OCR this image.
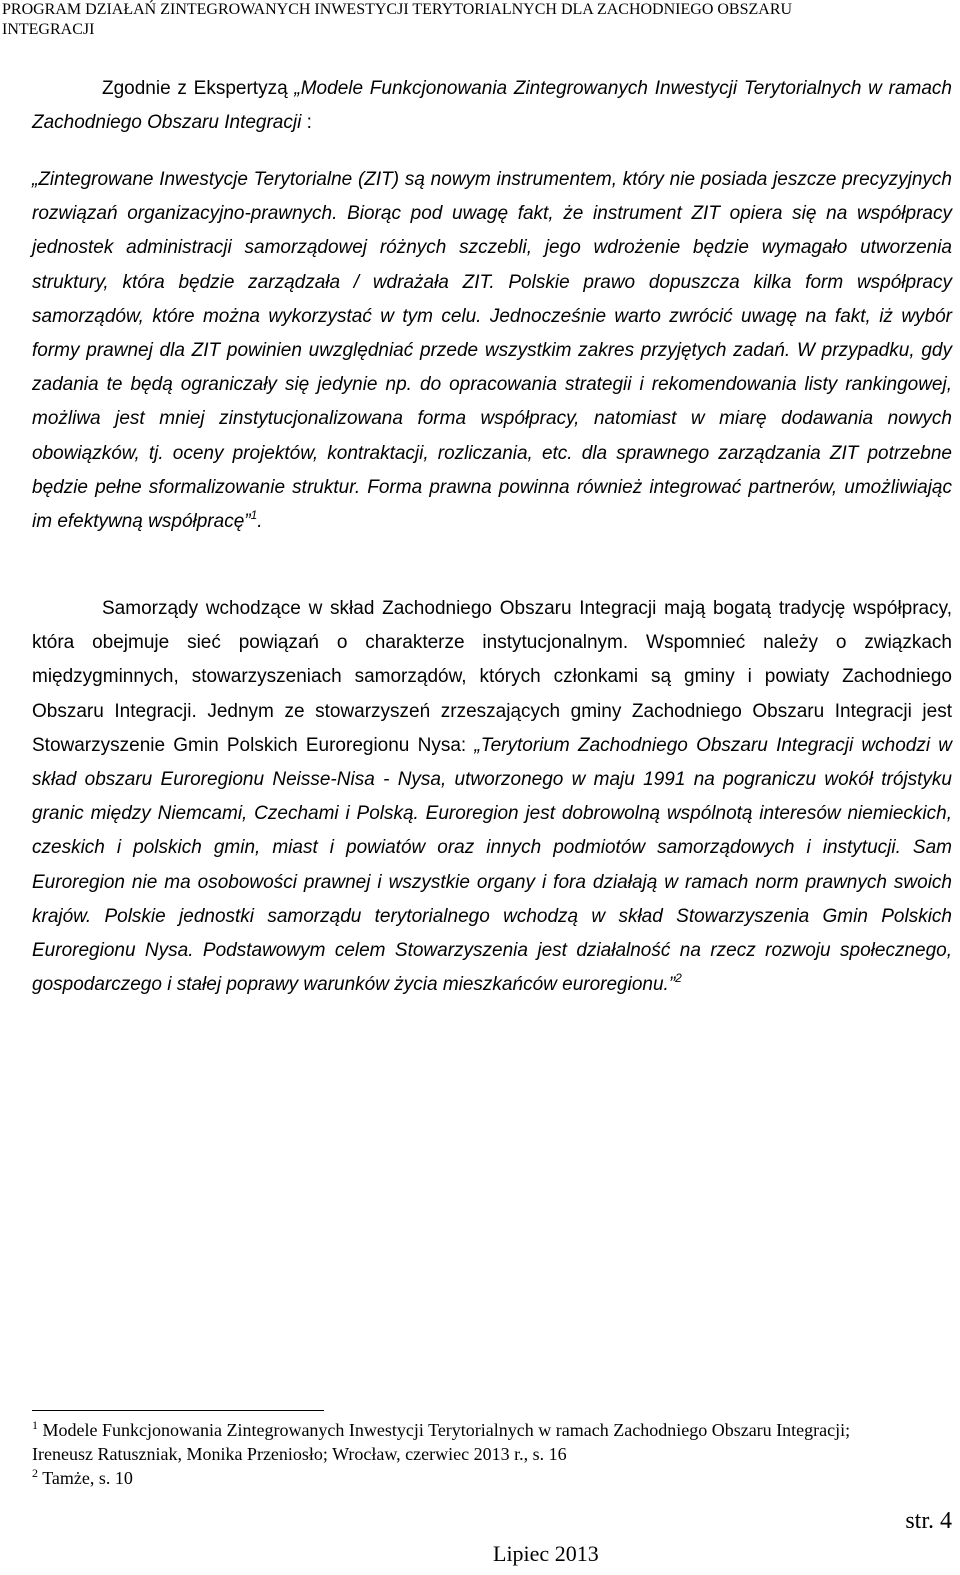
PROGRAM DZIAŁAŃ ZINTEGROWANYCH INWESTYCJI TERYTORIALNYCH DLA ZACHODNIEGO OBSZARU
INTEGRACJI
Zgodnie z Ekspertyzą „Modele Funkcjonowania Zintegrowanych Inwestycji Terytorialnych w ramach Zachodniego Obszaru Integracji :
„Zintegrowane Inwestycje Terytorialne (ZIT) są nowym instrumentem, który nie posiada jeszcze precyzyjnych rozwiązań organizacyjno-prawnych. Biorąc pod uwagę fakt, że instrument ZIT opiera się na współpracy jednostek administracji samorządowej różnych szczebli, jego wdrożenie będzie wymagało utworzenia struktury, która będzie zarządzała / wdrażała ZIT. Polskie prawo dopuszcza kilka form współpracy samorządów, które można wykorzystać w tym celu. Jednocześnie warto zwrócić uwagę na fakt, iż wybór formy prawnej dla ZIT powinien uwzględniać przede wszystkim zakres przyjętych zadań. W przypadku, gdy zadania te będą ograniczały się jedynie np. do opracowania strategii i rekomendowania listy rankingowej, możliwa jest mniej zinstytucjonalizowana forma współpracy, natomiast w miarę dodawania nowych obowiązków, tj. oceny projektów, kontraktacji, rozliczania, etc. dla sprawnego zarządzania ZIT potrzebne będzie pełne sformalizowanie struktur. Forma prawna powinna również integrować partnerów, umożliwiając im efektywną współpracę”$^1$.
Samorządy wchodzące w skład Zachodniego Obszaru Integracji mają bogatą tradycję współpracy, która obejmuje sieć powiązań o charakterze instytucjonalnym. Wspomnieć należy o związkach międzygminnych, stowarzyszeniach samorządów, których członkami są gminy i powiaty Zachodniego Obszaru Integracji. Jednym ze stowarzyszeń zrzeszających gminy Zachodniego Obszaru Integracji jest Stowarzyszenie Gmin Polskich Euroregionu Nysa: „Terytorium Zachodniego Obszaru Integracji wchodzi w skład obszaru Euroregionu Neisse-Nisa - Nysa, utworzonego w maju 1991 na pograniczu wokół trójstyku granic między Niemcami, Czechami i Polską. Euroregion jest dobrowolną wspólnotą interesów niemieckich, czeskich i polskich gmin, miast i powiatów oraz innych podmiotów samorządowych i instytucji. Sam Euroregion nie ma osobowości prawnej i wszystkie organy i fora działają w ramach norm prawnych swoich krajów. Polskie jednostki samorządu terytorialnego wchodzą w skład Stowarzyszenia Gmin Polskich Euroregionu Nysa. Podstawowym celem Stowarzyszenia jest działalność na rzecz rozwoju społecznego, gospodarczego i stałej poprawy warunków życia mieszkańców euroregionu.”$^2$
$^1$ Modele Funkcjonowania Zintegrowanych Inwestycji Terytorialnych w ramach Zachodniego Obszaru Integracji; Ireneusz Ratuszniak, Monika Przeniosło; Wrocław, czerwiec 2013 r., s. 16
$^2$ Tamże, s. 10
str. 4
Lipiec 2013
